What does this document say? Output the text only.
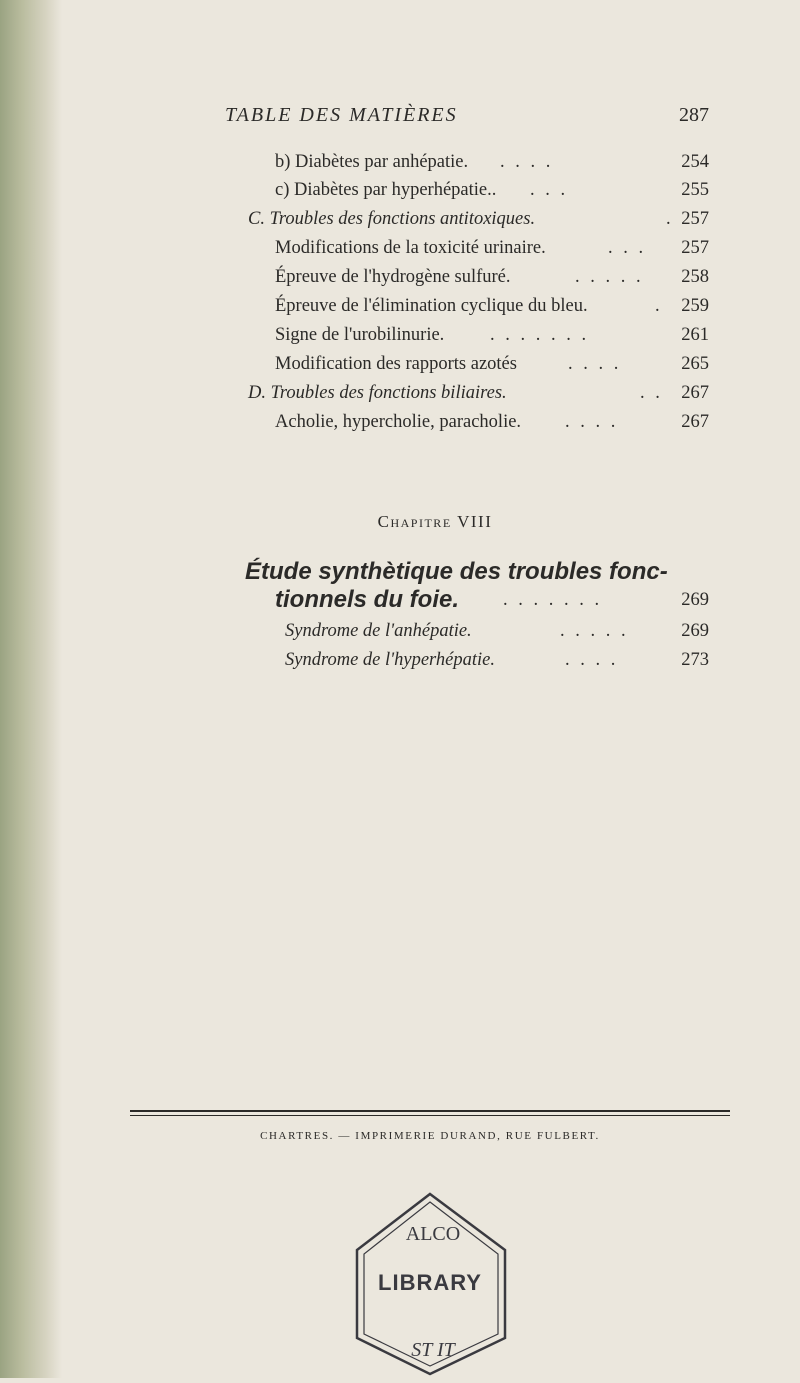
TABLE DES MATIÈRES	287
b) Diabètes par anhépatie. . . . .	254
c) Diabètes par hyperhépatie.. . . .	255
C. Troubles des fonctions antitoxiques.	. 257
Modifications de la toxicité urinaire.	. . . 257
Épreuve de l'hydrogène sulfuré.	. . . . . 258
Épreuve de l'élimination cyclique du bleu.	. 259
Signe de l'urobilinurie. . . . . . . .	261
Modification des rapports azotés	. . . .	265
D. Troubles des fonctions biliaires.	. . 267
Acholie, hypercholie, paracholie. . . . .	267
Chapitre VIII
Étude synthètique des troubles fonc-
tionnels du foie. . . . . . . .	269
Syndrome de l'anhépatie.	. . . . .	269
Syndrome de l'hyperhépatie.	. . . .	273
CHARTRES. — IMPRIMERIE DURAND, RUE FULBERT.
ALCO
ST IT
LIBRARY
